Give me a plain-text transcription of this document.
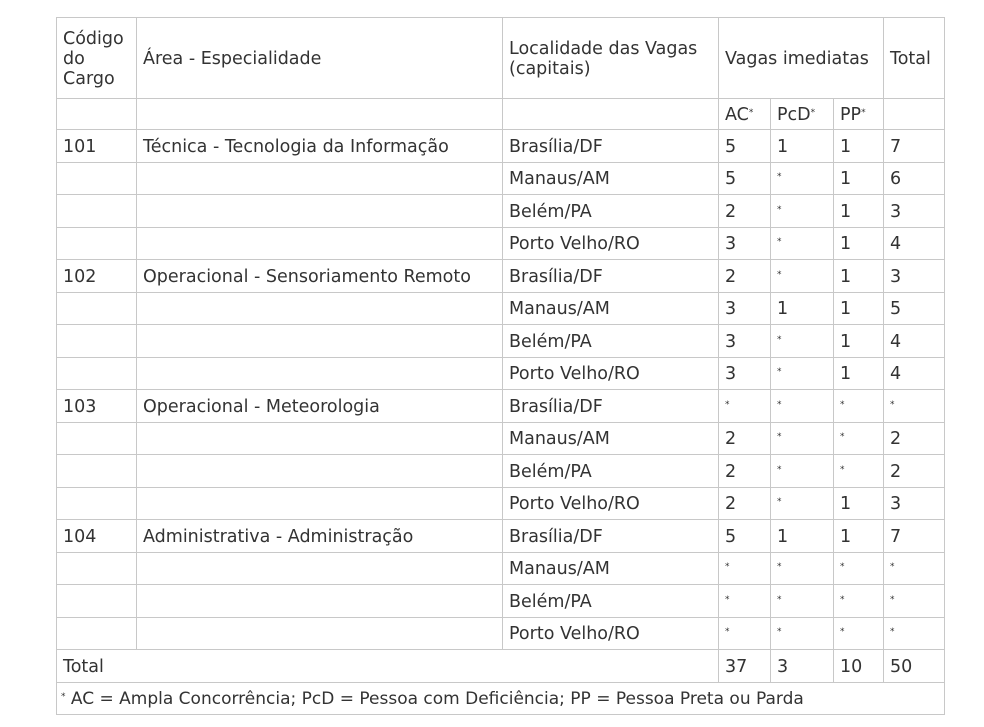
Código do Cargo	Área - Especialidade	Localidade das Vagas (capitais)	Vagas imediatas			Total
			AC*	PcD*	PP*	
101	Técnica - Tecnologia da Informação	Brasília/DF	5	1	1	7
		Manaus/AM	5	*	1	6
		Belém/PA	2	*	1	3
		Porto Velho/RO	3	*	1	4
102	Operacional - Sensoriamento Remoto	Brasília/DF	2	*	1	3
		Manaus/AM	3	1	1	5
		Belém/PA	3	*	1	4
		Porto Velho/RO	3	*	1	4
103	Operacional - Meteorologia	Brasília/DF	*	*	*	*
		Manaus/AM	2	*	*	2
		Belém/PA	2	*	*	2
		Porto Velho/RO	2	*	1	3
104	Administrativa - Administração	Brasília/DF	5	1	1	7
		Manaus/AM	*	*	*	*
		Belém/PA	*	*	*	*
		Porto Velho/RO	*	*	*	*
Total			37	3	10	50
* AC = Ampla Concorrência; PcD = Pessoa com Deficiência; PP = Pessoa Preta ou Parda						
